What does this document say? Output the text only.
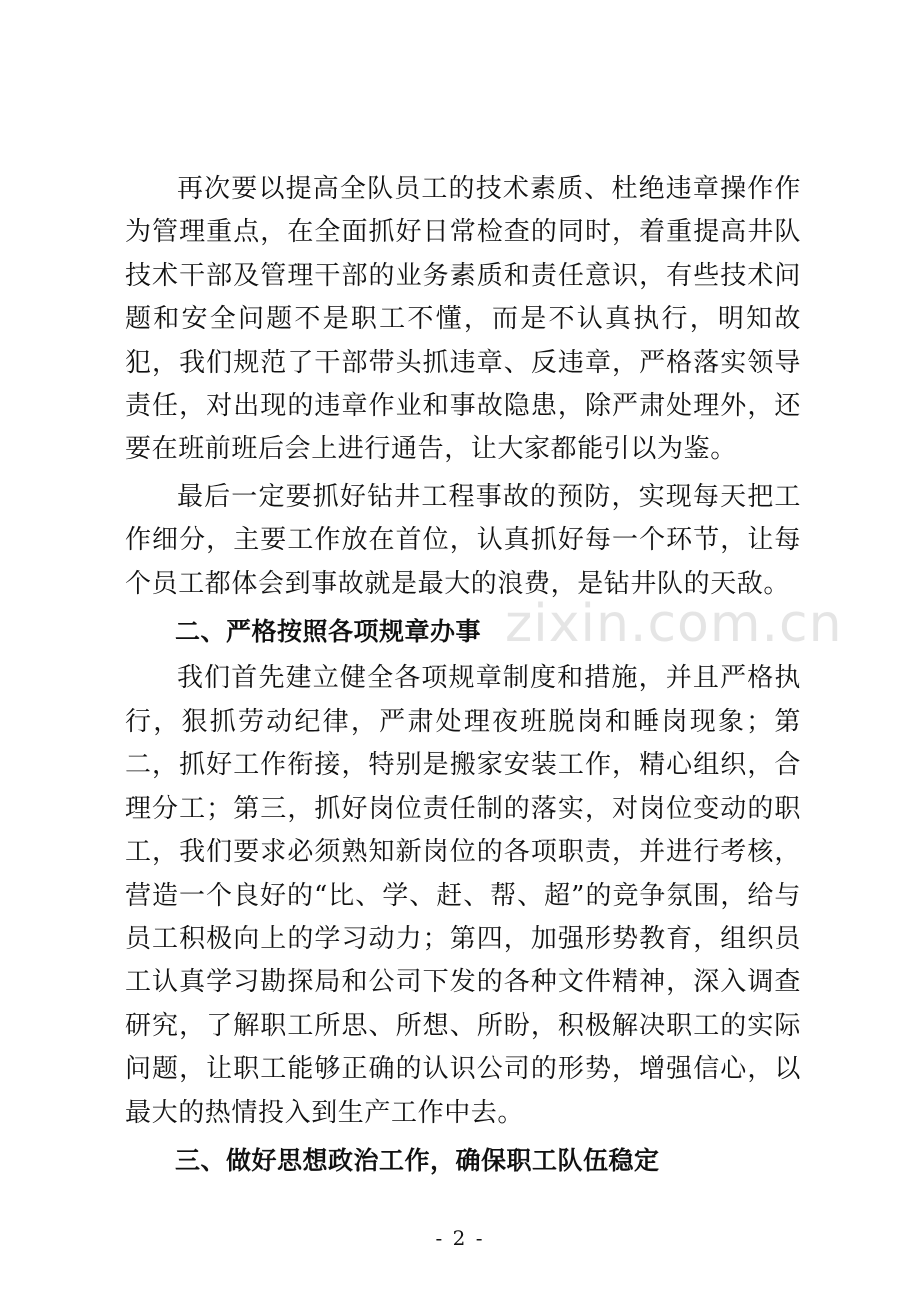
再次要以提高全队员工的技术素质、杜绝违章操作作为管理重点，在全面抓好日常检查的同时，着重提高井队技术干部及管理干部的业务素质和责任意识，有些技术问题和安全问题不是职工不懂，而是不认真执行，明知故犯，我们规范了干部带头抓违章、反违章，严格落实领导责任，对出现的违章作业和事故隐患，除严肃处理外，还要在班前班后会上进行通告，让大家都能引以为鉴。

最后一定要抓好钻井工程事故的预防，实现每天把工作细分，主要工作放在首位，认真抓好每一个环节，让每个员工都体会到事故就是最大的浪费，是钻井队的天敌。

二、严格按照各项规章办事

我们首先建立健全各项规章制度和措施，并且严格执行，狠抓劳动纪律，严肃处理夜班脱岗和睡岗现象；第二，抓好工作衔接，特别是搬家安装工作，精心组织，合理分工；第三，抓好岗位责任制的落实，对岗位变动的职工，我们要求必须熟知新岗位的各项职责，并进行考核，营造一个良好的“比、学、赶、帮、超”的竞争氛围，给与员工积极向上的学习动力；第四，加强形势教育，组织员工认真学习勘探局和公司下发的各种文件精神，深入调查研究，了解职工所思、所想、所盼，积极解决职工的实际问题，让职工能够正确的认识公司的形势，增强信心，以最大的热情投入到生产工作中去。

三、做好思想政治工作，确保职工队伍稳定

zixin.com.cn
- 2 -
